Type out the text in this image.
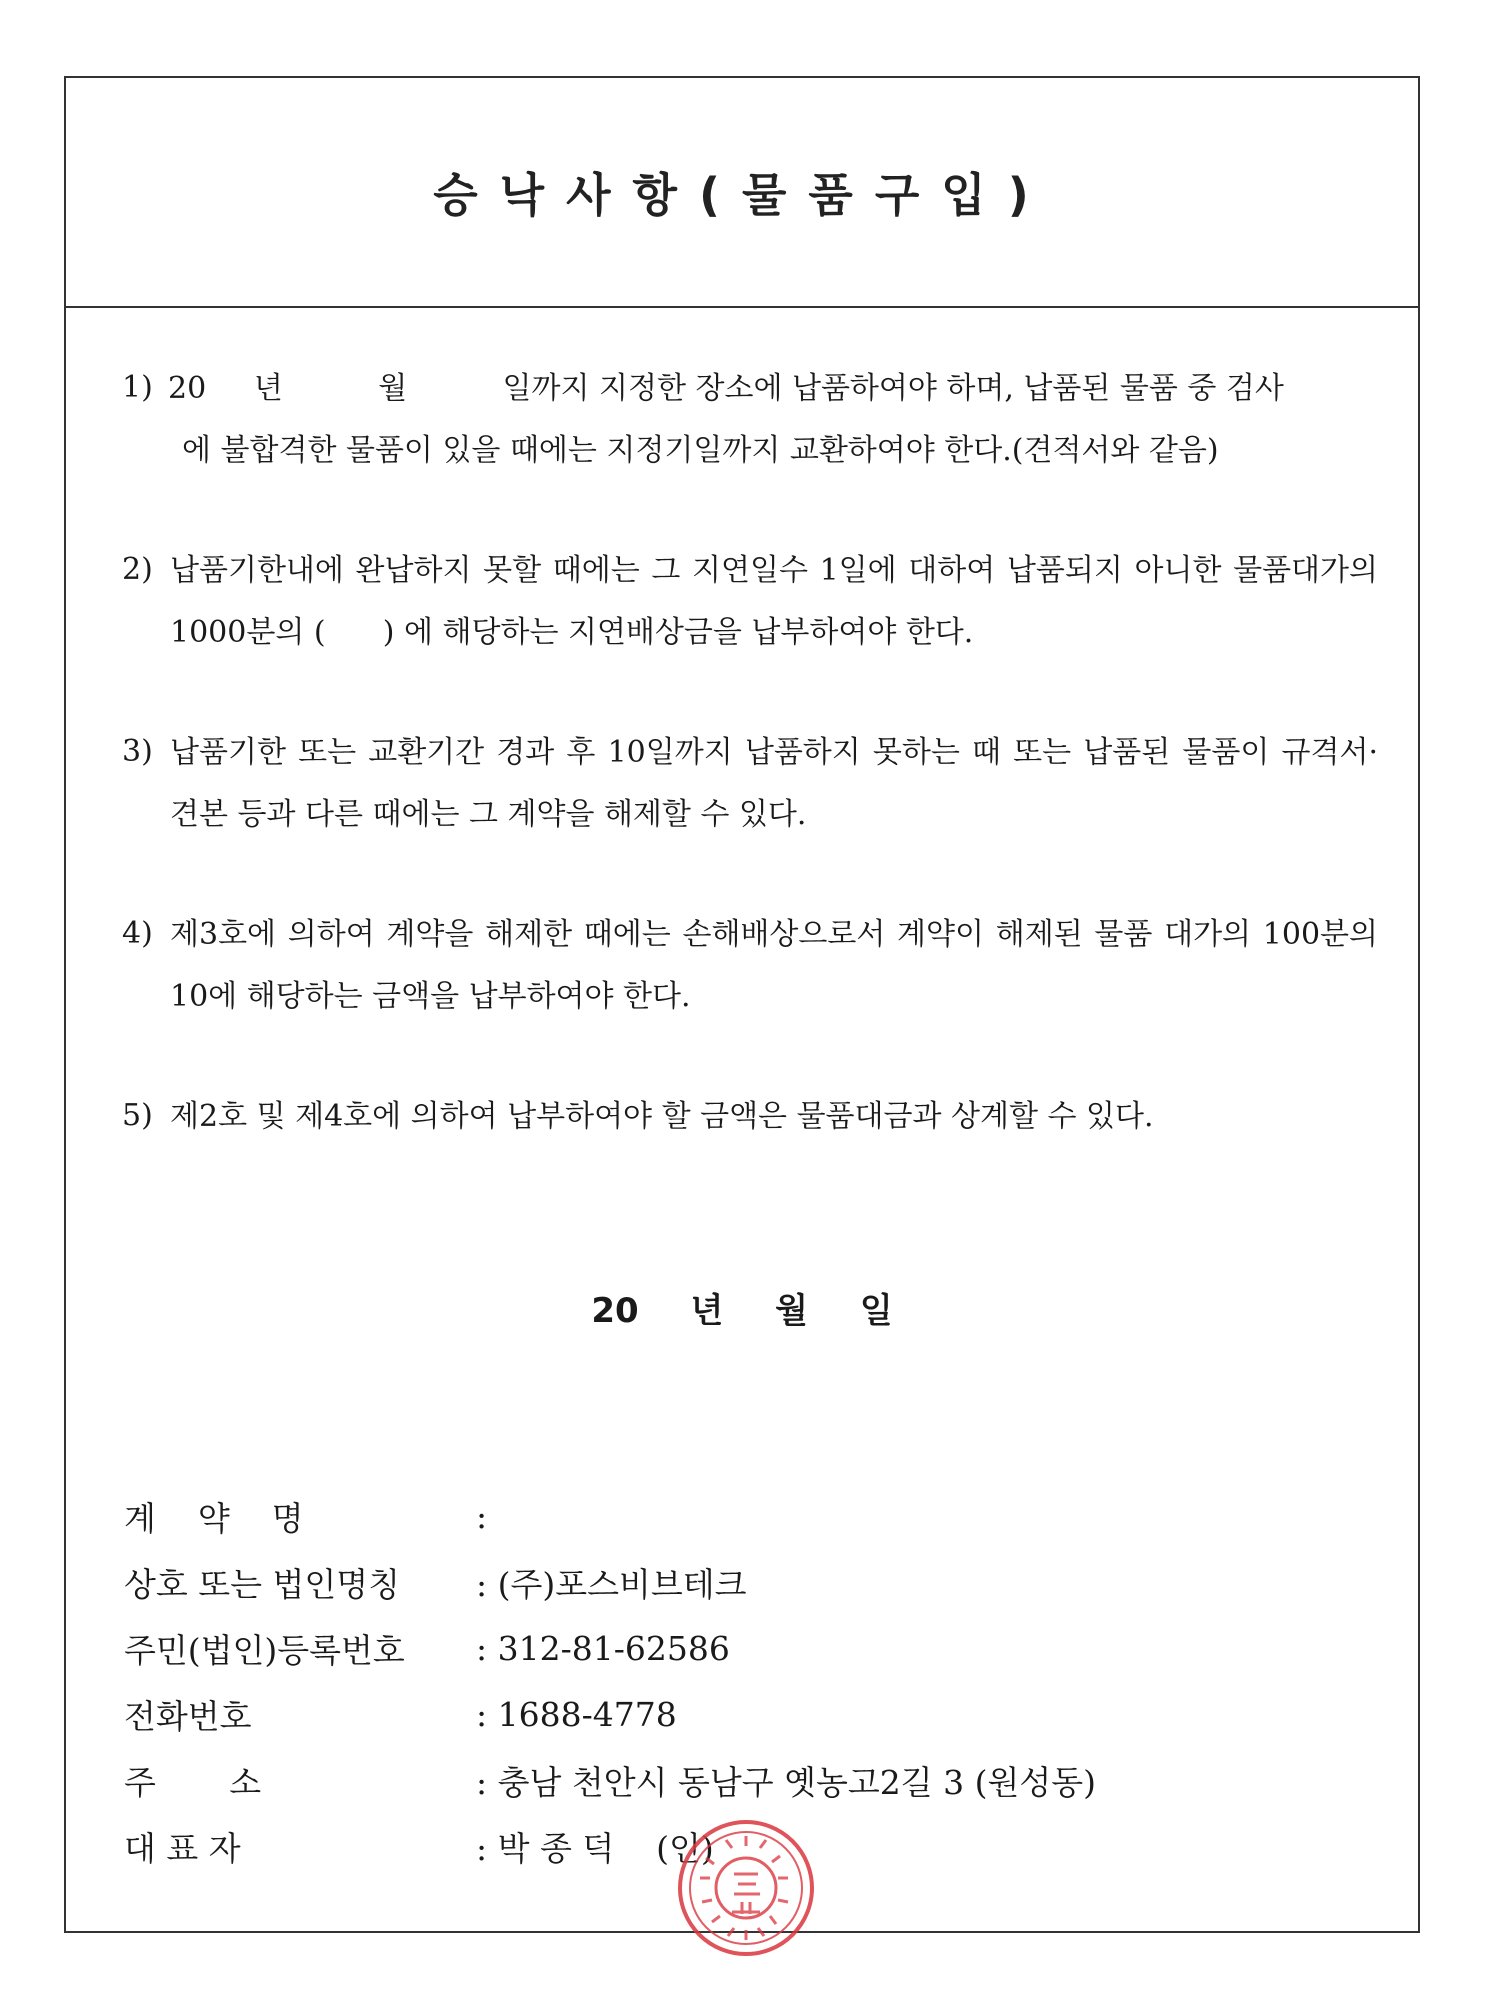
승낙사항(물품구입)
1) 20     년          월          일까지 지정한 장소에 납품하여야 하며, 납품된 물품 중 검사
에 불합격한 물품이 있을 때에는 지정기일까지 교환하여야 한다.(견적서와 같음)
2) 납품기한내에 완납하지 못할 때에는 그 지연일수 1일에 대하여 납품되지 아니한 물품대가의 1000분의 (      ) 에 해당하는 지연배상금을 납부하여야 한다.
3) 납품기한 또는 교환기간 경과 후 10일까지 납품하지 못하는 때 또는 납품된 물품이 규격서·견본 등과 다른 때에는 그 계약을 해제할 수 있다.
4) 제3호에 의하여 계약을 해제한 때에는 손해배상으로서 계약이 해제된 물품 대가의 100분의 10에 해당하는 금액을 납부하여야 한다.
5) 제2호 및 제4호에 의하여 납부하여야 할 금액은 물품대금과 상계할 수 있다.
20 년 월 일
계    약    명	:
상호 또는 법인명칭	: (주)포스비브테크
주민(법인)등록번호	: 312-81-62586
전화번호	: 1688-4778
주       소	: 충남 천안시 동남구 옛농고2길 3 (원성동)
대 표 자	: 박 종 덕    (인)
